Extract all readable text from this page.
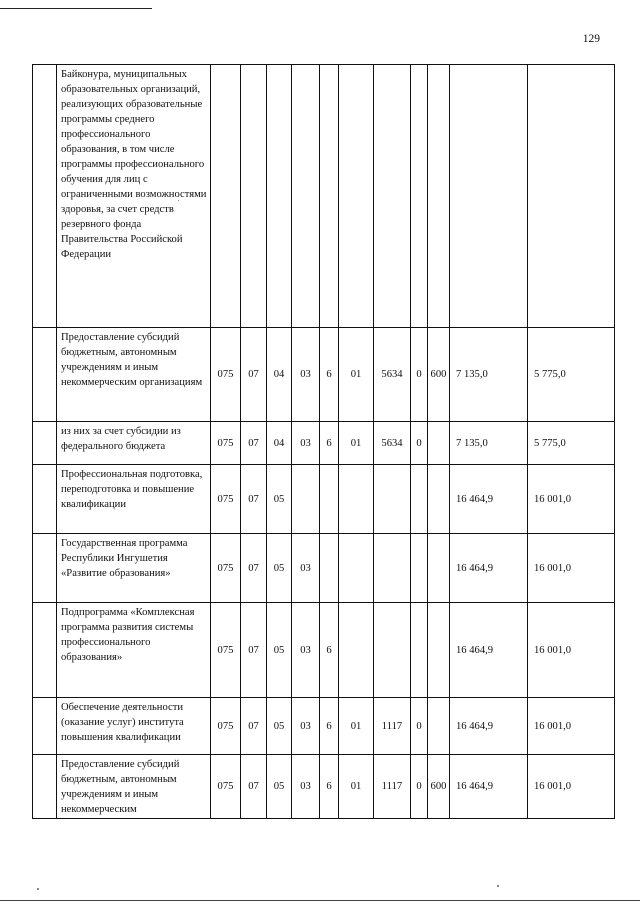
129
	Байконура, муниципальных образовательных организаций, реализующих образовательные программы среднего профессионального образования, в том числе программы профессионального обучения для лиц с ограниченными возможностями здоровья, за счет средств резервного фонда Правительства Российской Федерации											
	Предоставление субсидий бюджетным, автономным учреждениям и иным некоммерческим организациям	075	07	04	03	6	01	5634	0	600	7 135,0	5 775,0
	из них за счет субсидии из федерального бюджета	075	07	04	03	6	01	5634	0		7 135,0	5 775,0
	Профессиональная подготовка, переподготовка и повышение квалификации	075	07	05							16 464,9	16 001,0
	Государственная программа Республики Ингушетия «Развитие образования»	075	07	05	03						16 464,9	16 001,0
	Подпрограмма «Комплексная программа развития системы профессионального образования»	075	07	05	03	6					16 464,9	16 001,0
	Обеспечение деятельности (оказание услуг) институтa повышения квалификации	075	07	05	03	6	01	1117	0		16 464,9	16 001,0
	Предоставление субсидий бюджетным, автономным учреждениям и иным некоммерческим	075	07	05	03	6	01	1117	0	600	16 464,9	16 001,0
